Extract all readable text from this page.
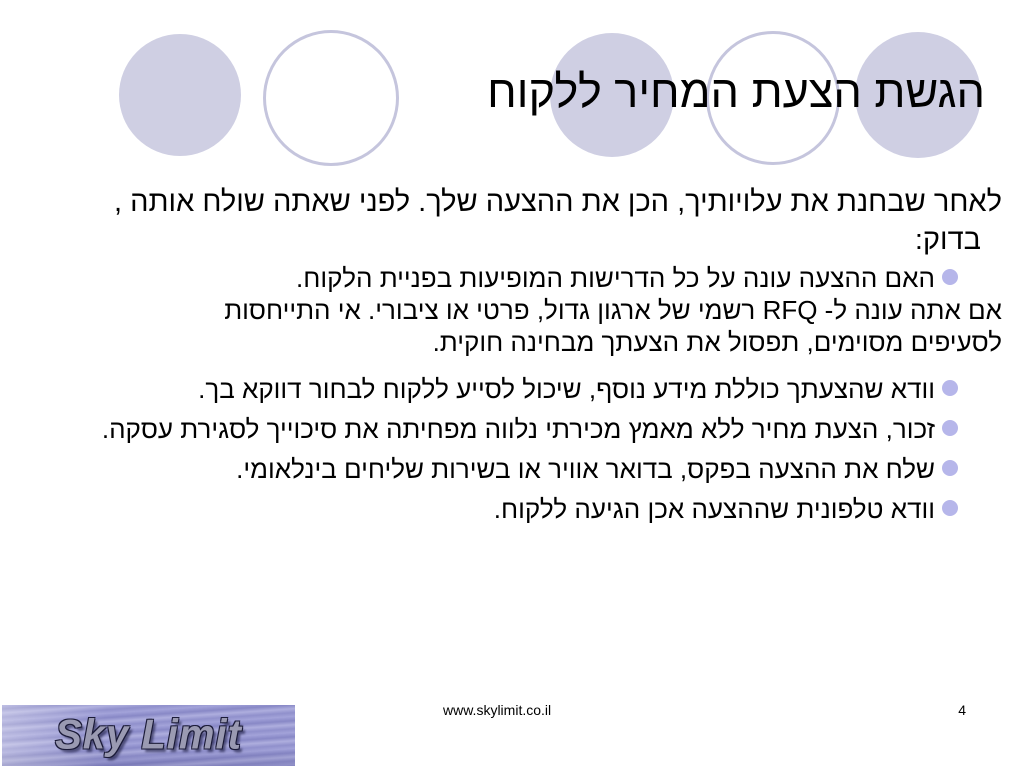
הגשת הצעת המחיר ללקוח
לאחר שבחנת את עלויותיך, הכן את ההצעה שלך. לפני שאתה שולח אותה ,
בדוק:
האם ההצעה עונה על כל הדרישות המופיעות בפניית הלקוח.
אם אתה עונה ל- RFQ רשמי של ארגון גדול, פרטי או ציבורי. אי התייחסות
לסעיפים מסוימים, תפסול את הצעתך מבחינה חוקית.
וודא שהצעתך כוללת מידע נוסף, שיכול לסייע ללקוח לבחור דווקא בך.
זכור, הצעת מחיר ללא מאמץ מכירתי נלווה מפחיתה את סיכוייך לסגירת עסקה.
שלח את ההצעה בפקס, בדואר אוויר או בשירות שליחים בינלאומי.
וודא טלפונית שההצעה אכן הגיעה ללקוח.
Sky Limit
www.skylimit.co.il	4
